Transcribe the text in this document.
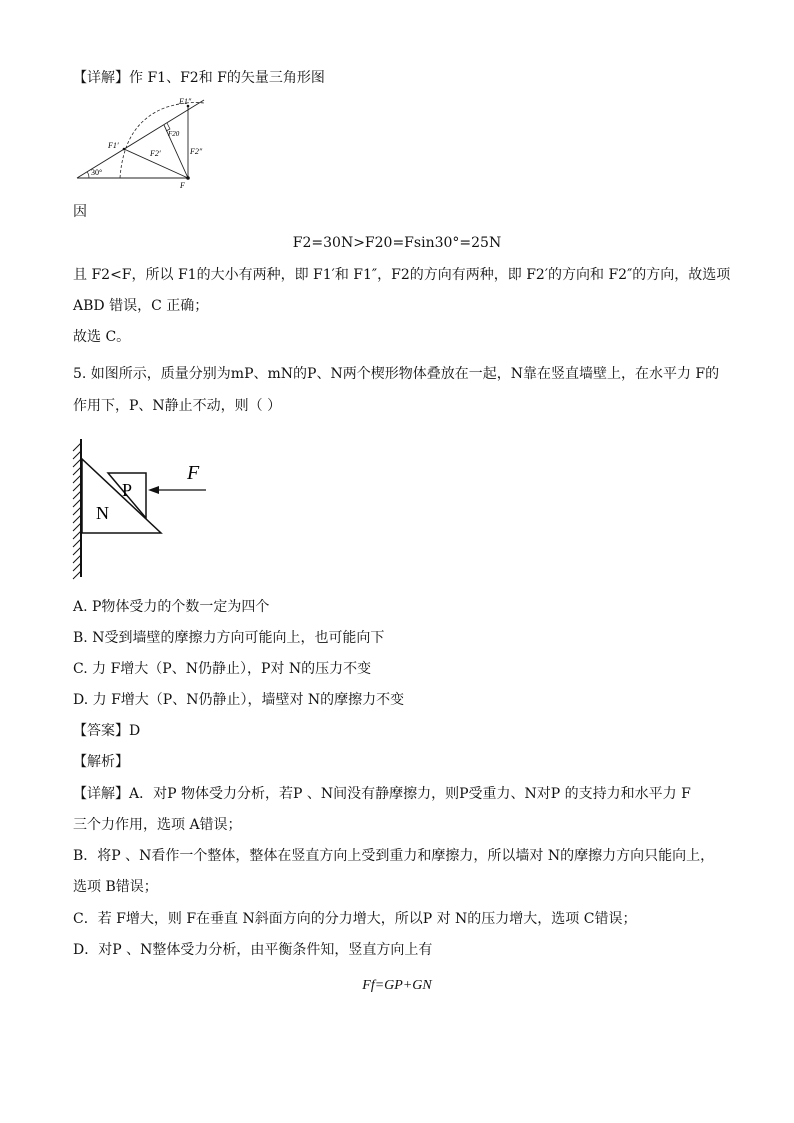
【详解】作 F1、F2和 F的矢量三角形图
F1″
F20
F1′
F2′	F2″
30°
F
因
F2=30N>F20=Fsin30°=25N
且 F2<F，所以 F1的大小有两种，即 F1′和 F1″，F2的方向有两种，即 F2′的方向和 F2″的方向，故选项
ABD 错误，C 正确；
故选 C。
5. 如图所示，质量分别为mP、mN的P、N两个楔形物体叠放在一起，N靠在竖直墙壁上，在水平力 F的
作用下，P、N静止不动，则（ ）
P
N
F
A. P物体受力的个数一定为四个
B. N受到墙壁的摩擦力方向可能向上，也可能向下
C. 力 F增大（P、N仍静止），P对 N的压力不变
D. 力 F增大（P、N仍静止），墙壁对 N的摩擦力不变
【答案】D
【解析】
【详解】A．对P 物体受力分析，若P 、N间没有静摩擦力，则P受重力、N对P 的支持力和水平力 F
三个力作用，选项 A错误；
B．将P 、N看作一个整体，整体在竖直方向上受到重力和摩擦力，所以墙对 N的摩擦力方向只能向上，
选项 B错误；
C．若 F增大，则 F在垂直 N斜面方向的分力增大，所以P 对 N的压力增大，选项 C错误；
D．对P 、N整体受力分析，由平衡条件知，竖直方向上有
Ff=GP+GN
